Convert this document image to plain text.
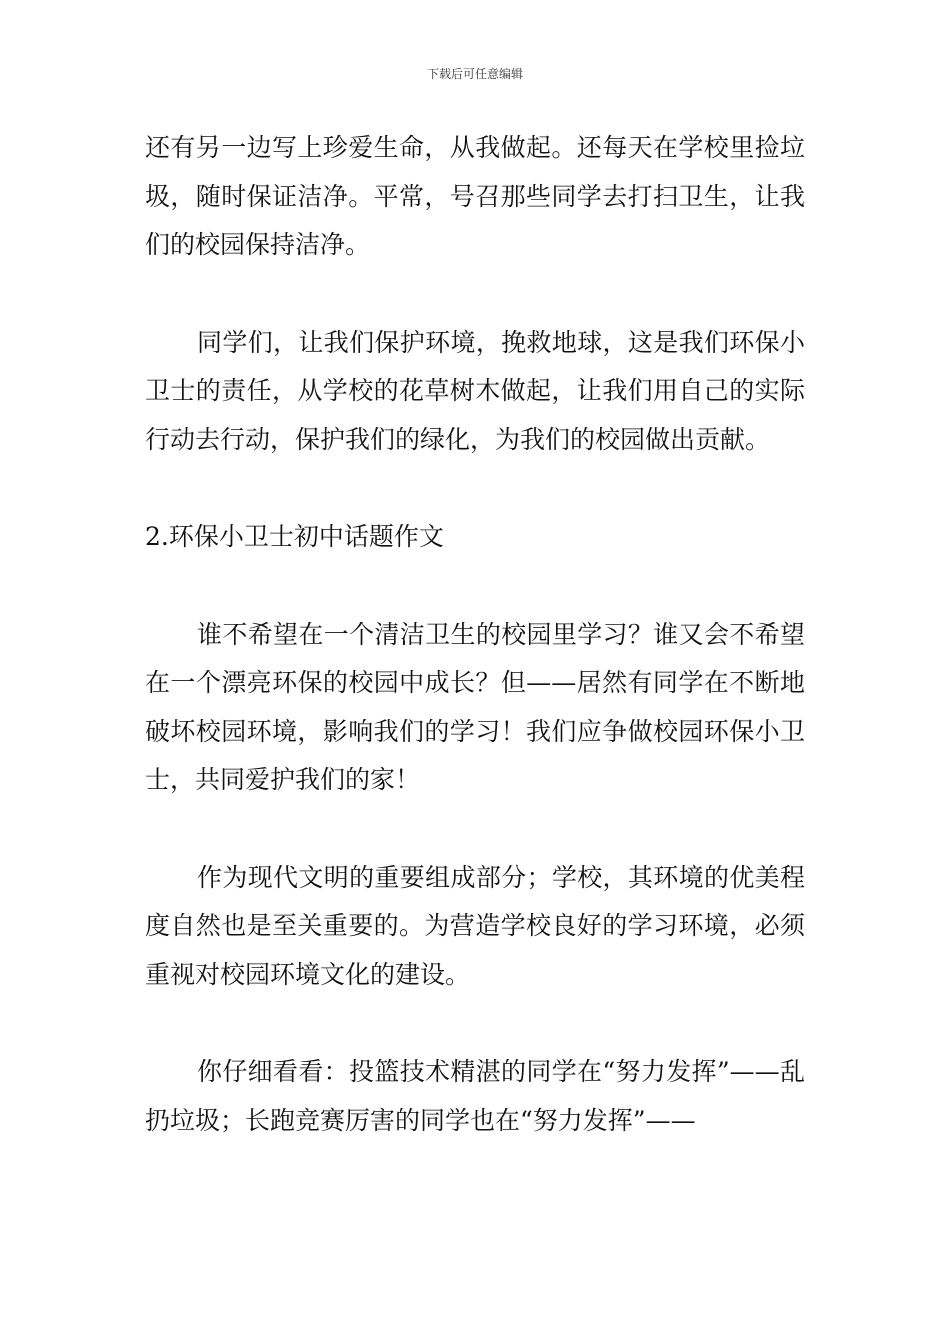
下载后可任意编辑

还有另一边写上珍爱生命，从我做起。还每天在学校里捡垃圾，随时保证洁净。平常，号召那些同学去打扫卫生，让我们的校园保持洁净。

同学们，让我们保护环境，挽救地球，这是我们环保小卫士的责任，从学校的花草树木做起，让我们用自己的实际行动去行动，保护我们的绿化，为我们的校园做出贡献。

2.环保小卫士初中话题作文

谁不希望在一个清洁卫生的校园里学习？谁又会不希望在一个漂亮环保的校园中成长？但——居然有同学在不断地破坏校园环境，影响我们的学习！我们应争做校园环保小卫士，共同爱护我们的家！

作为现代文明的重要组成部分；学校，其环境的优美程度自然也是至关重要的。为营造学校良好的学习环境，必须重视对校园环境文化的建设。

你仔细看看：投篮技术精湛的同学在“努力发挥”——乱扔垃圾；长跑竞赛厉害的同学也在“努力发挥”——
